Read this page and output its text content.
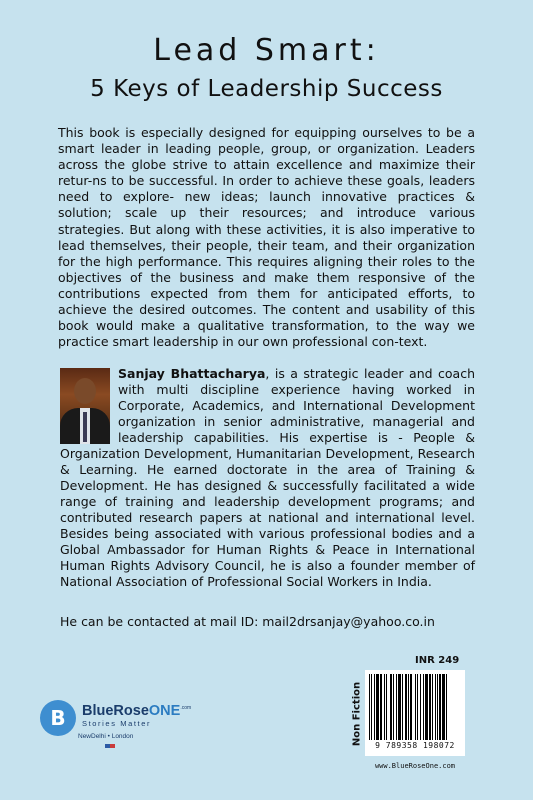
Lead Smart:
5 Keys of Leadership Success

This book is especially designed for equipping ourselves to be a smart leader in leading people, group, or organization. Leaders across the globe strive to attain excellence and maximize their retur-ns to be successful. In order to achieve these goals, leaders need to explore- new ideas; launch innovative practices & solution; scale up their resources; and introduce various strategies. But along with these activities, it is also imperative to lead themselves, their people, their team, and their organization for the high performance. This requires aligning their roles to the objectives of the business and make them responsive of the contributions expected from them for anticipated efforts, to achieve the desired outcomes. The content and usability of this book would make a qualitative transformation, to the way we practice smart leadership in our own professional con-text.

Sanjay Bhattacharya, is a strategic leader and coach with multi discipline experience having worked in Corporate, Academics, and International Development organization in senior administrative, managerial and leadership capabilities. His expertise is - People & Organization Development, Humanitarian Development, Research & Learning. He earned doctorate in the area of Training & Development. He has designed & successfully facilitated a wide range of training and leadership development programs; and contributed research papers at national and international level. Besides being associated with various professional bodies and a Global Ambassador for Human Rights & Peace in International Human Rights Advisory Council, he is also a founder member of National Association of Professional Social Workers in India.

He can be contacted at mail ID: mail2drsanjay@yahoo.co.in
INR 249
Non Fiction	9 789358 198072
www.BlueRoseOne.com
B	BlueRoseONE$^{.com}$
Stories Matter
NewDelhi • London
